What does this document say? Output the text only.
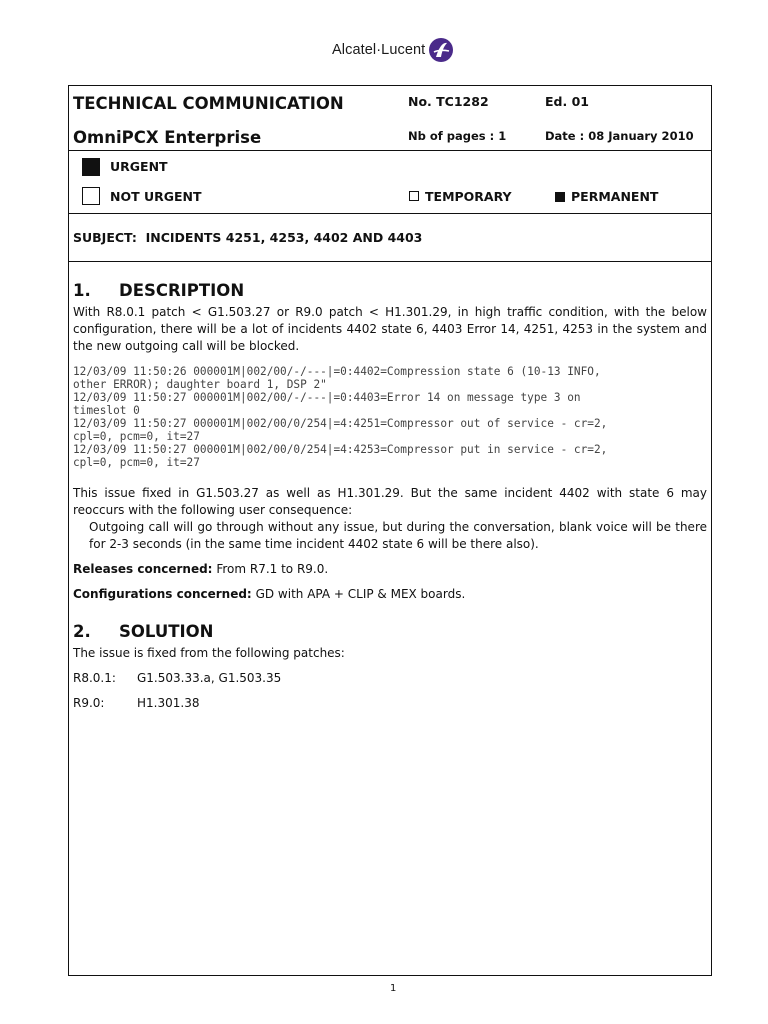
Alcatel·Lucent
TECHNICAL COMMUNICATION	No. TC1282	Ed. 01
OmniPCX Enterprise	Nb of pages : 1	Date : 08 January 2010
URGENT
NOT URGENT	TEMPORARY	PERMANENT
SUBJECT:  INCIDENTS 4251, 4253, 4402 AND 4403
1.	DESCRIPTION

With R8.0.1 patch < G1.503.27 or R9.0 patch < H1.301.29, in high traffic condition, with the below configuration, there will be a lot of incidents 4402 state 6, 4403 Error 14, 4251, 4253 in the system and the new outgoing call will be blocked.

12/03/09 11:50:26 000001M|002/00/-/---|=0:4402=Compression state 6 (10-13 INFO,
other ERROR); daughter board 1, DSP 2"
12/03/09 11:50:27 000001M|002/00/-/---|=0:4403=Error 14 on message type 3 on
timeslot 0
12/03/09 11:50:27 000001M|002/00/0/254|=4:4251=Compressor out of service - cr=2,
cpl=0, pcm=0, it=27
12/03/09 11:50:27 000001M|002/00/0/254|=4:4253=Compressor put in service - cr=2,
cpl=0, pcm=0, it=27

This issue fixed in G1.503.27 as well as H1.301.29. But the same incident 4402 with state 6 may reoccurs with the following user consequence:

Outgoing call will go through without any issue, but during the conversation, blank voice will be there for 2-3 seconds (in the same time incident 4402 state 6 will be there also).

Releases concerned: From R7.1 to R9.0.

Configurations concerned: GD with APA + CLIP & MEX boards.

2.	SOLUTION

The issue is fixed from the following patches:

R8.0.1:	G1.503.33.a, G1.503.35
R9.0:	H1.301.38
1
